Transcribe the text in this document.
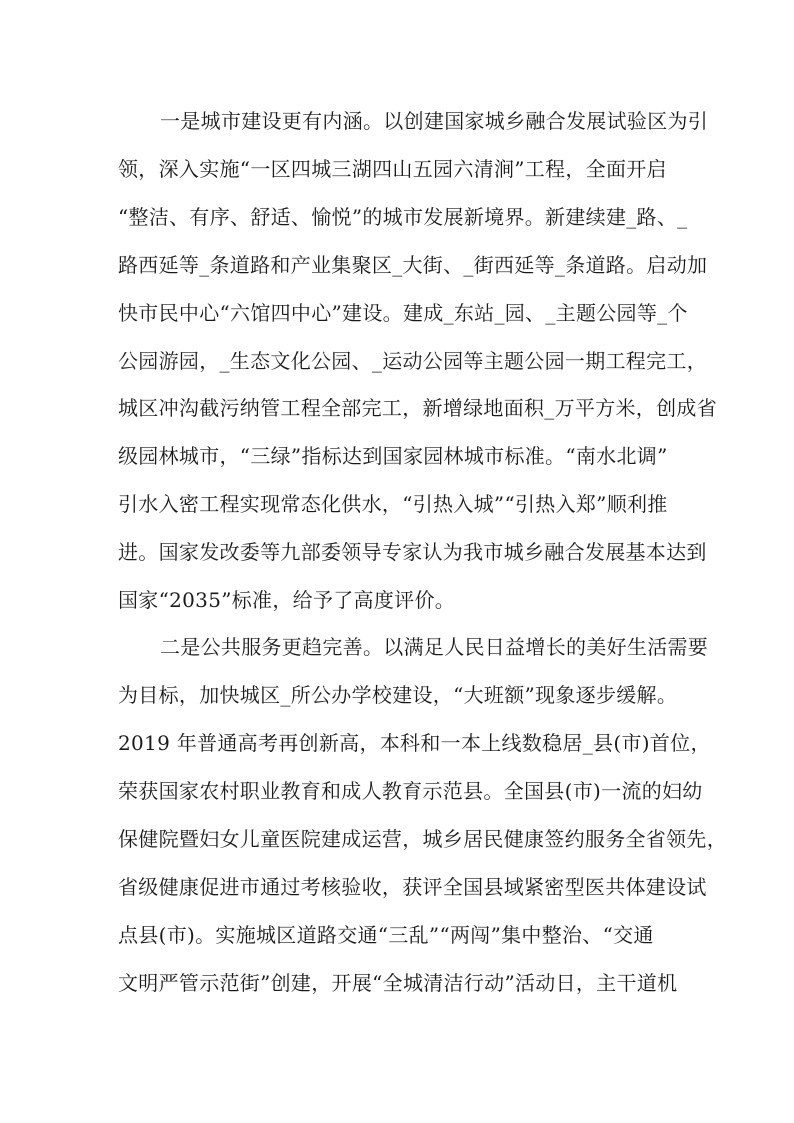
一是城市建设更有内涵。以创建国家城乡融合发展试验区为引
领，深入实施“一区四城三湖四山五园六清涧”工程，全面开启
“整洁、有序、舒适、愉悦”的城市发展新境界。新建续建_路、_
路西延等_条道路和产业集聚区_大街、_街西延等_条道路。启动加
快市民中心“六馆四中心”建设。建成_东站_园、_主题公园等_个
公园游园，_生态文化公园、_运动公园等主题公园一期工程完工，
城区冲沟截污纳管工程全部完工，新增绿地面积_万平方米，创成省
级园林城市，“三绿”指标达到国家园林城市标准。“南水北调”
引水入密工程实现常态化供水，“引热入城”“引热入郑”顺利推
进。国家发改委等九部委领导专家认为我市城乡融合发展基本达到
国家“2035”标准，给予了高度评价。
二是公共服务更趋完善。以满足人民日益增长的美好生活需要
为目标，加快城区_所公办学校建设，“大班额”现象逐步缓解。
2019 年普通高考再创新高，本科和一本上线数稳居_县(市)首位，
荣获国家农村职业教育和成人教育示范县。全国县(市)一流的妇幼
保健院暨妇女儿童医院建成运营，城乡居民健康签约服务全省领先，
省级健康促进市通过考核验收，获评全国县域紧密型医共体建设试
点县(市)。实施城区道路交通“三乱”“两闯”集中整治、“交通
文明严管示范街”创建，开展“全城清洁行动”活动日，主干道机
